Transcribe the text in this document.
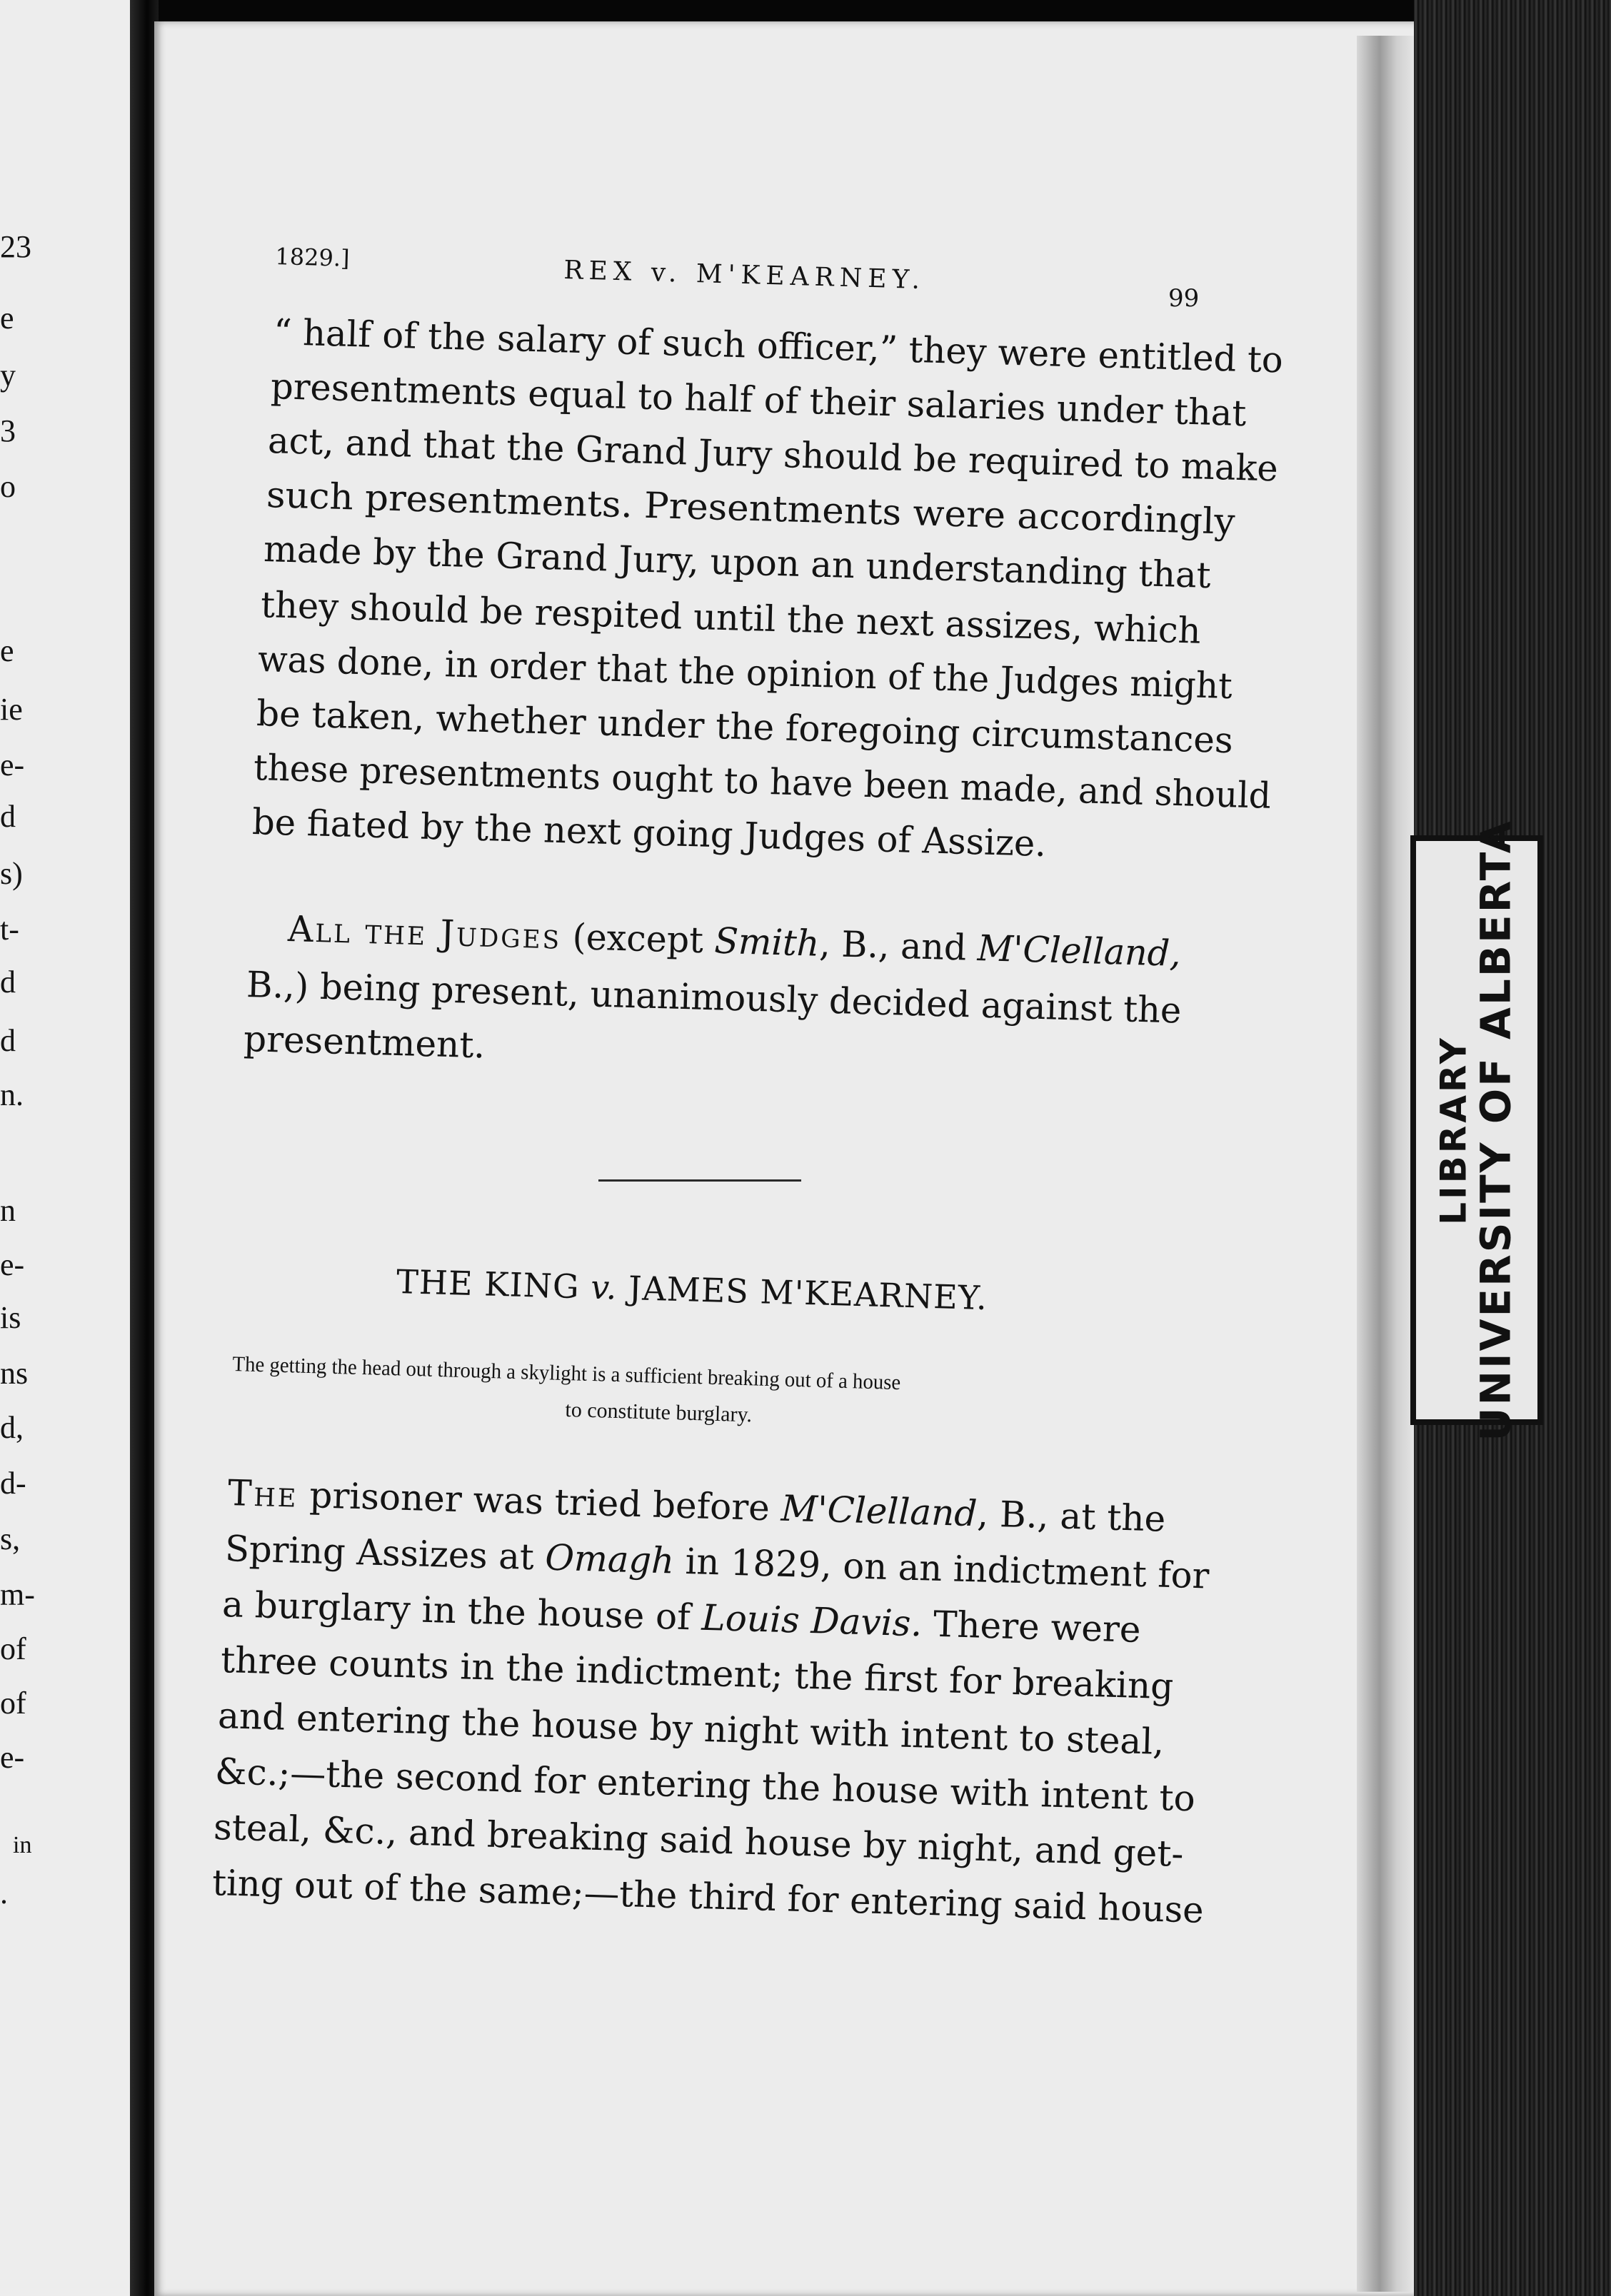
23
e
y
3
o
e
ie
e-
d
s)
t-
d
d
n.
n
e-
is
ns
d,
d-
s,
m-
of
of
e-
in
.
LIBRARY
UNIVERSITY OF ALBERTA
1829.]	REX v. M'KEARNEY.
99
“ half of the salary of such officer,” they were entitled to
presentments equal to half of their salaries under that
act, and that the Grand Jury should be required to make
such presentments. Presentments were accordingly
made by the Grand Jury, upon an understanding that
they should be respited until the next assizes, which
was done, in order that the opinion of the Judges might
be taken, whether under the foregoing circumstances
these presentments ought to have been made, and should
be fiated by the next going Judges of Assize.
All the Judges (except Smith, B., and M'Clelland,
B.,) being present, unanimously decided against the
presentment.
THE KING v. JAMES M'KEARNEY.
The getting the head out through a skylight is a sufficient breaking out of a house
to constitute burglary.
The prisoner was tried before M'Clelland, B., at the
Spring Assizes at Omagh in 1829, on an indictment for
a burglary in the house of Louis Davis. There were
three counts in the indictment; the first for breaking
and entering the house by night with intent to steal,
&c.;—the second for entering the house with intent to
steal, &c., and breaking said house by night, and get-
ting out of the same;—the third for entering said house
